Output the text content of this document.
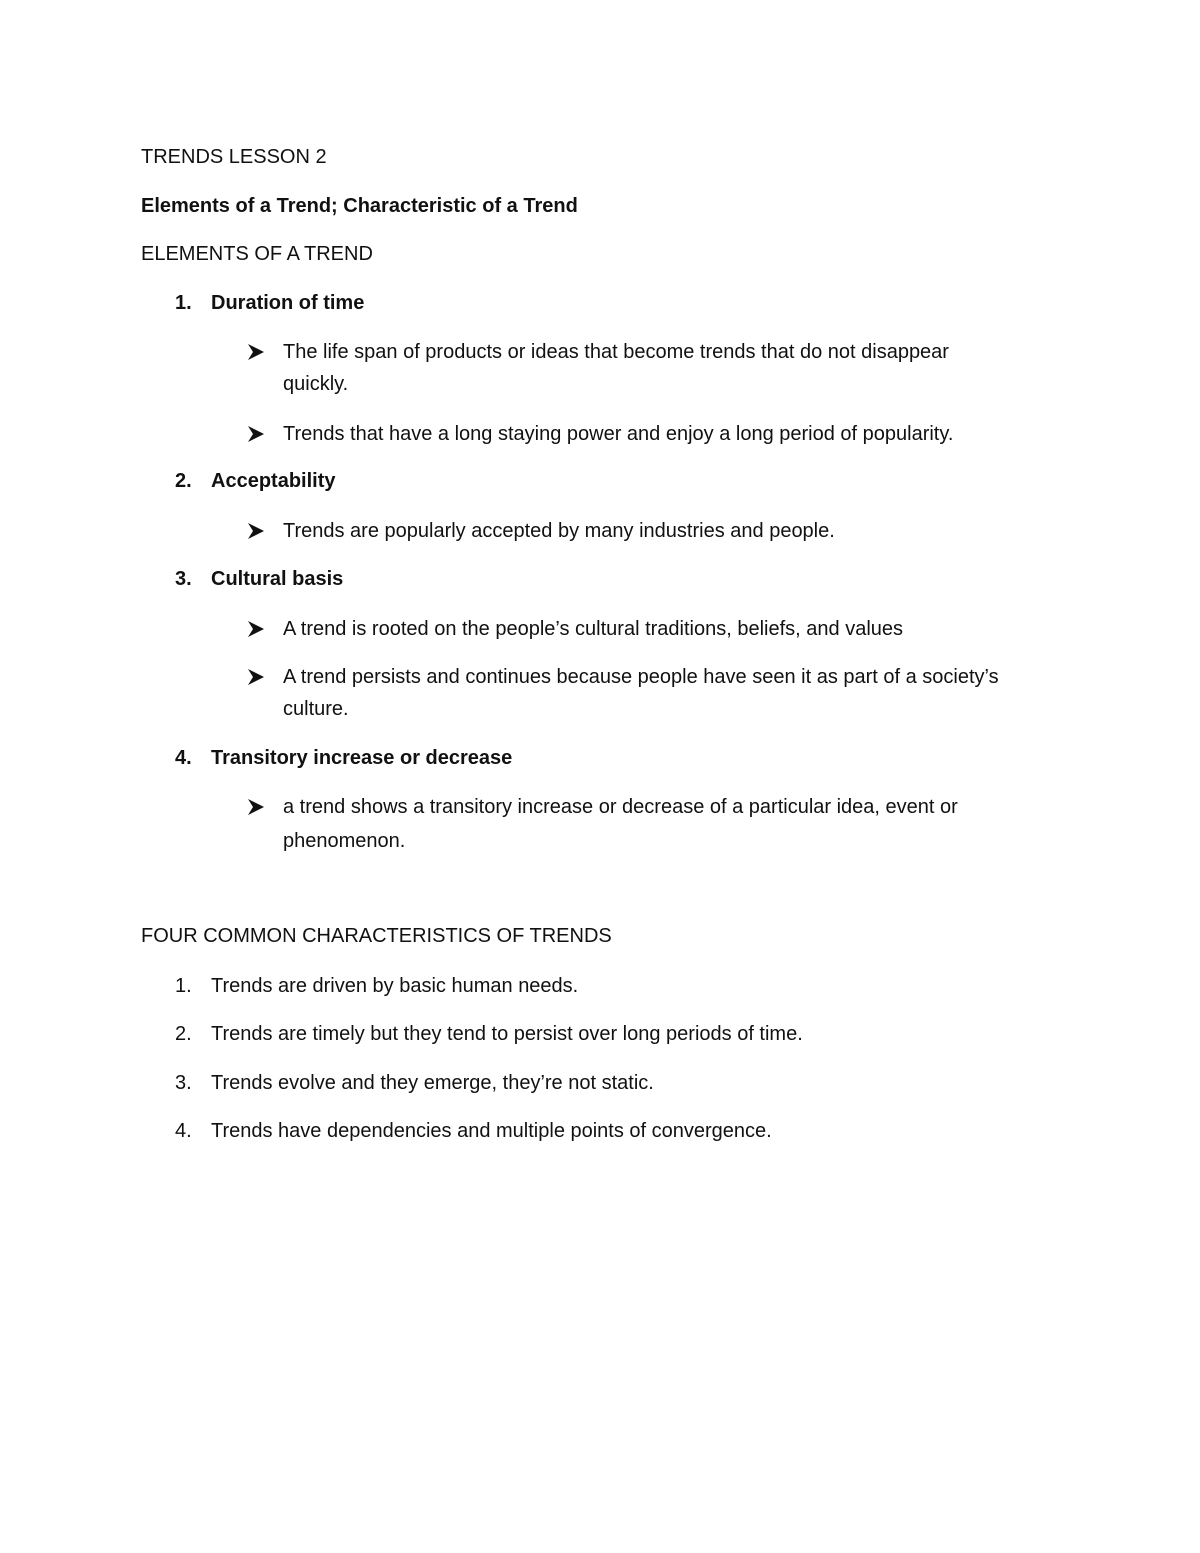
TRENDS LESSON 2
Elements of a Trend; Characteristic of a Trend
ELEMENTS OF A TREND
1. Duration of time
The life span of products or ideas that become trends that do not disappear
quickly.
Trends that have a long staying power and enjoy a long period of popularity.
2. Acceptability
Trends are popularly accepted by many industries and people.
3. Cultural basis
A trend is rooted on the people’s cultural traditions, beliefs, and values
A trend persists and continues because people have seen it as part of a society’s
culture.
4. Transitory increase or decrease
a trend shows a transitory increase or decrease of a particular idea, event or
phenomenon.
FOUR COMMON CHARACTERISTICS OF TRENDS
1. Trends are driven by basic human needs.
2. Trends are timely but they tend to persist over long periods of time.
3. Trends evolve and they emerge, they’re not static.
4. Trends have dependencies and multiple points of convergence.
